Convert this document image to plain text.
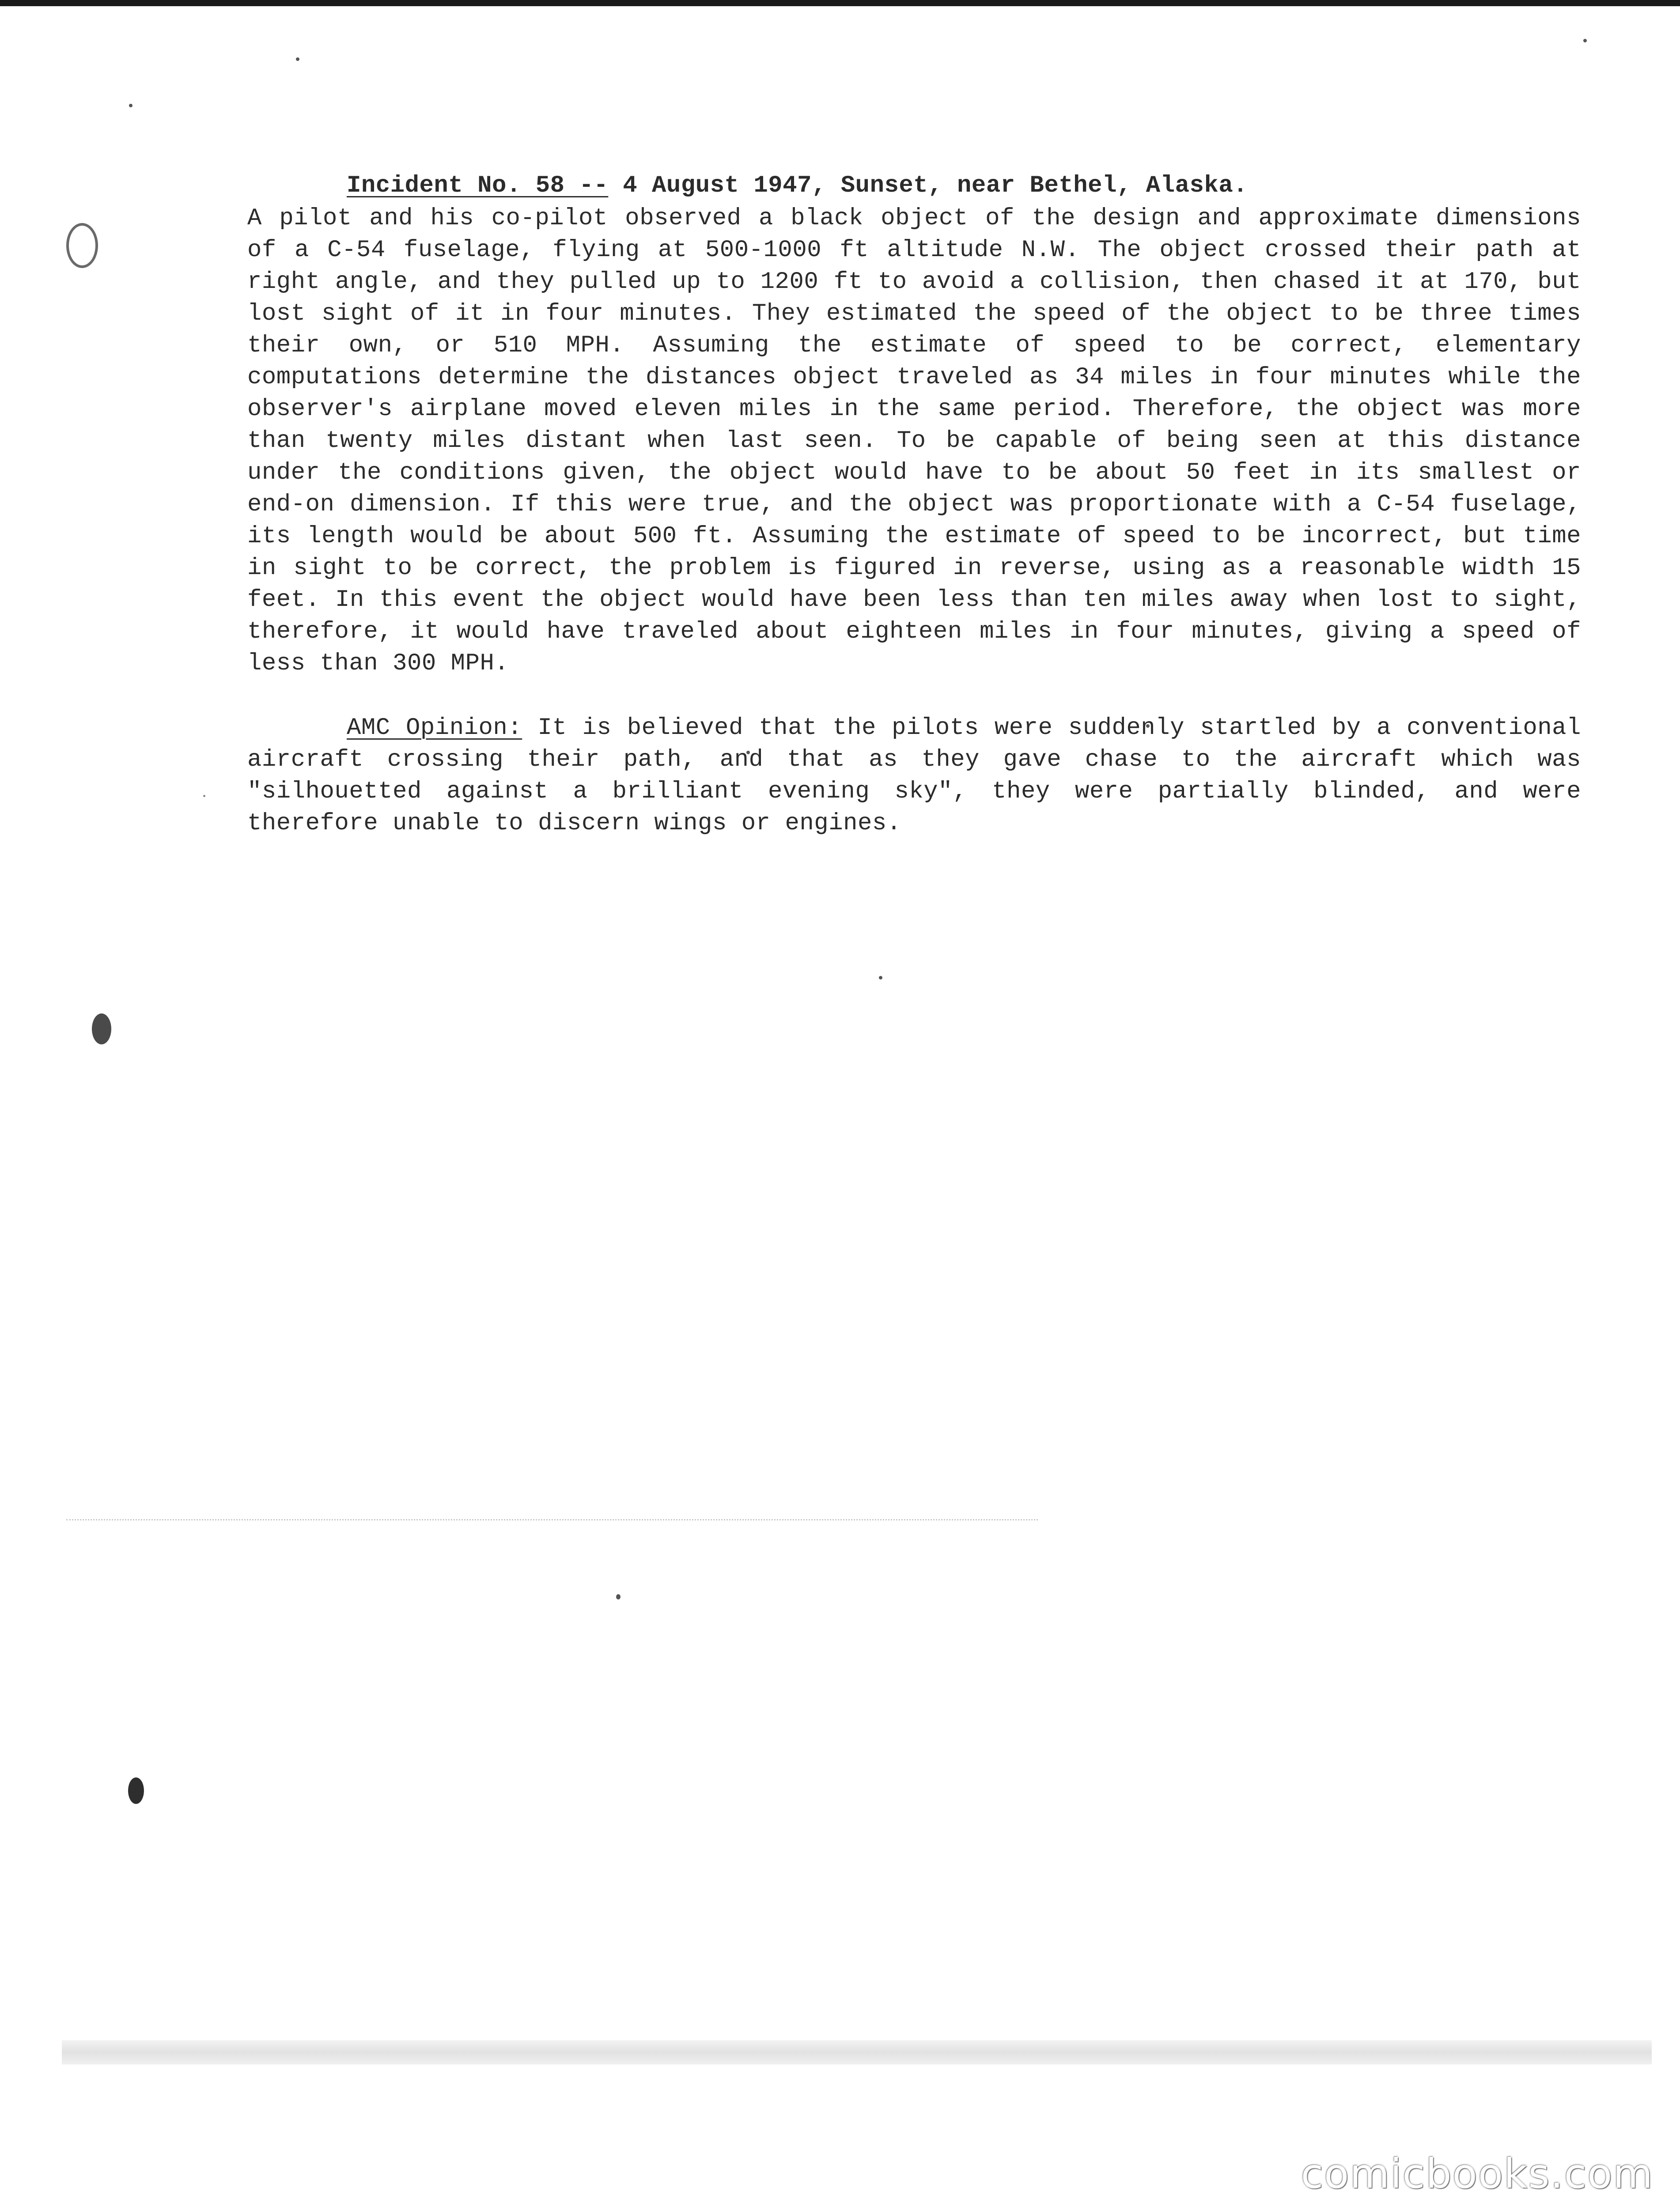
Incident No. 58 -- 4 August 1947, Sunset, near Bethel, Alaska.

A pilot and his co-pilot observed a black object of the design and approximate dimensions of a C-54 fuselage, flying at 500-1000 ft altitude N.W. The object crossed their path at right angle, and they pulled up to 1200 ft to avoid a collision, then chased it at 170, but lost sight of it in four minutes. They estimated the speed of the object to be three times their own, or 510 MPH. Assuming the estimate of speed to be correct, elementary computations determine the distances object traveled as 34 miles in four minutes while the observer's airplane moved eleven miles in the same period. Therefore, the object was more than twenty miles distant when last seen. To be capable of being seen at this distance under the conditions given, the object would have to be about 50 feet in its smallest or end-on dimension. If this were true, and the object was proportionate with a C-54 fuselage, its length would be about 500 ft. Assuming the estimate of speed to be incorrect, but time in sight to be correct, the problem is figured in reverse, using as a reasonable width 15 feet. In this event the object would have been less than ten miles away when lost to sight, therefore, it would have traveled about eighteen miles in four minutes, giving a speed of less than 300 MPH.

AMC Opinion: It is believed that the pilots were suddenly startled by a conventional aircraft crossing their path, and that as they gave chase to the aircraft which was "silhouetted against a brilliant evening sky", they were partially blinded, and were therefore unable to discern wings or engines.

comicbooks.com
